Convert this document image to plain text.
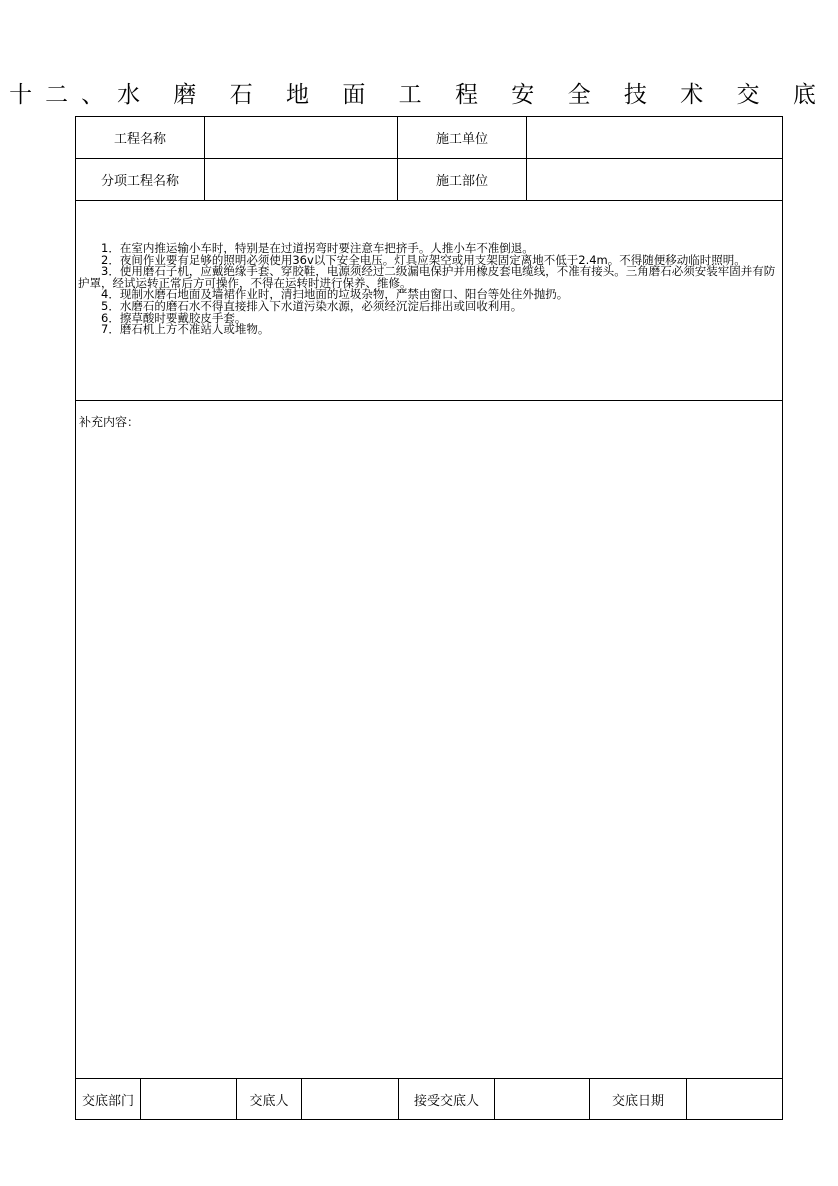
十二、水 磨 石 地 面 工 程 安 全 技 术 交 底
工程名称	施工单位
分项工程名称	施工部位
　　1．在室内推运输小车时，特别是在过道拐弯时要注意车把挤手。人推小车不准倒退。
　　2．夜间作业要有足够的照明必须使用36v以下安全电压。灯具应架空或用支架固定离地不低于2.4m。不得随便移动临时照明。
　　3．使用磨石子机，应戴绝缘手套、穿胶鞋，电源须经过二级漏电保护并用橡皮套电缆线，不准有接头。三角磨石必须安装牢固并有防护罩，经试运转正常后方可操作，不得在运转时进行保养、维修。
　　4．现制水磨石地面及墙裙作业时，清扫地面的垃圾杂物，严禁由窗口、阳台等处往外抛扔。
　　5．水磨石的磨石水不得直接排入下水道污染水源，必须经沉淀后排出或回收利用。
　　6．擦草酸时要戴胶皮手套。
　　7．磨石机上方不准站人或堆物。
补充内容：
交底部门	交底人	接受交底人	交底日期
